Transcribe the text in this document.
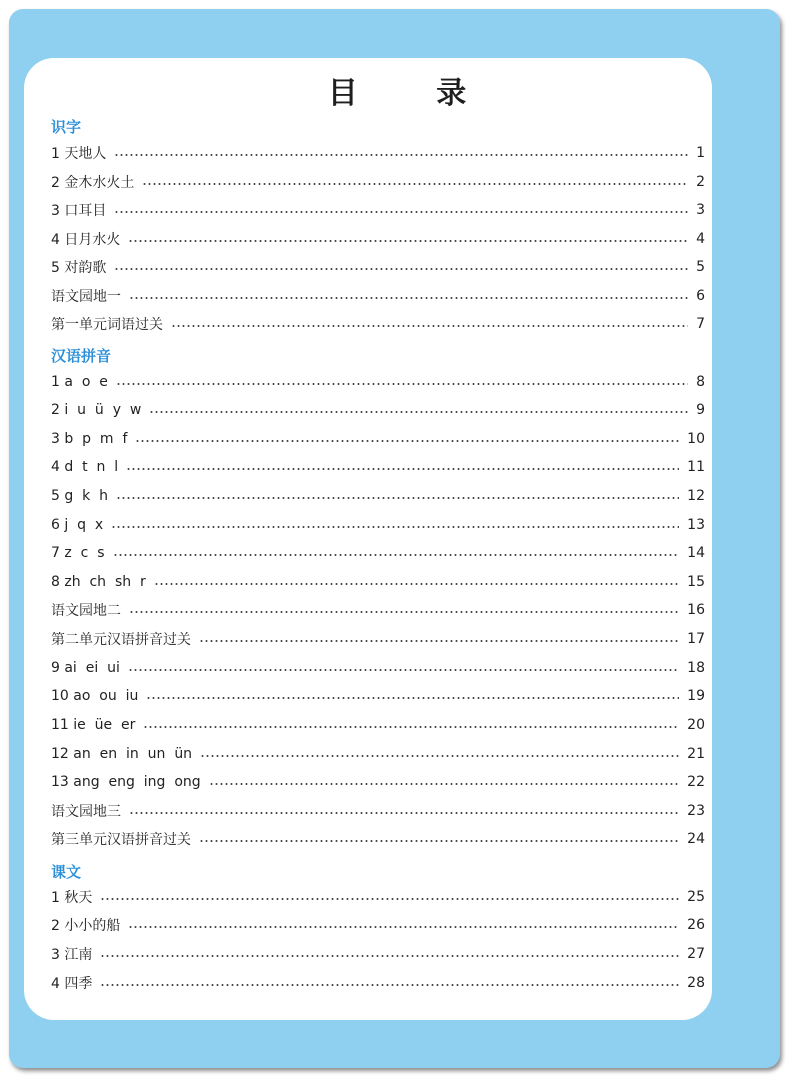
目 录
识字
1 天地人	1
2 金木水火土	2
3 口耳目	3
4 日月水火	4
5 对韵歌	5
语文园地一	6
第一单元词语过关	7
汉语拼音
1 a  o  e	8
2 i  u  ü  y  w	9
3 b  p  m  f	10
4 d  t  n  l	11
5 g  k  h	12
6 j  q  x	13
7 z  c  s	14
8 zh  ch  sh  r	15
语文园地二	16
第二单元汉语拼音过关	17
9 ai  ei  ui	18
10 ao  ou  iu	19
11 ie  üe  er	20
12 an  en  in  un  ün	21
13 ang  eng  ing  ong	22
语文园地三	23
第三单元汉语拼音过关	24
课文
1 秋天	25
2 小小的船	26
3 江南	27
4 四季	28
